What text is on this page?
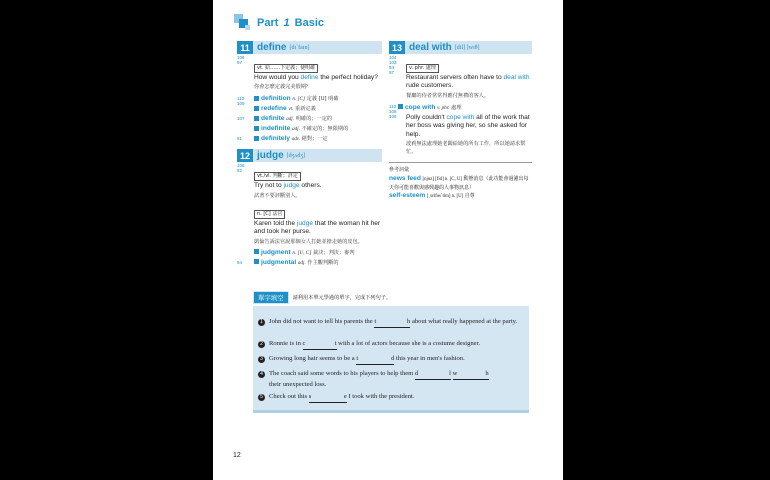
Part 1 Basic
11 define [dɪˋfaɪn]
106
97
vt. 給……下定義；使明確
How would you define the perfect holiday?
你會怎麼定義完美假期？
110
109
definition n. [C] 定義 [U] 明確
redefine vt. 重新定義
107 definite adj. 明確的；一定的
indefinite adj. 不確定的；無限期的
91	definitely adv. 絕對；一定
12 judge [dʒʌdʒ]
106
92
vt./vi. 判斷；評定
Try not to judge others.
試著不要評斷別人。
n. [C] 法官
Karen told the judge that the woman hit her and took her purse.
凱倫告訴法官說那個女人打她並搶走她的皮包。
judgment n. [U, C] 裁決；判決；審判
94	judgmental adj. 作主觀判斷的
13 deal with [dil] [wɪθ]
104
103
94
97
v. phr. 處理
Restaurant servers often have to deal with rude customers.
餐廳的侍者常常得應付無禮的客人。
110
108
106
cope with v. phr. 處理
Polly couldn't cope with all of the work that her boss was giving her, so she asked for help.
波莉無法處理她老闆給她的所有工作，所以她請求幫忙。
參考詞彙
news feed [njuz] [fid] n. [C, U] 動態消息（此功能會過濾出每天你可能喜歡與感興趣的人事物訊息）
self-esteem [ˌsɛlfəsˋtim] n. [U] 自尊
單字填空	請利用本單元學過的單字，完成下列句子。
1 John did not want to tell his parents the t	h about what really happened at the party.
2 Ronnie is in c	t with a lot of actors because she is a costume designer.
3 Growing long hair seems to be a t	d this year in men's fashion.
4 The coach said some words to his players to help them d	l w	h

their unexpected loss.
5 Check out this s	e I took with the president.
12
